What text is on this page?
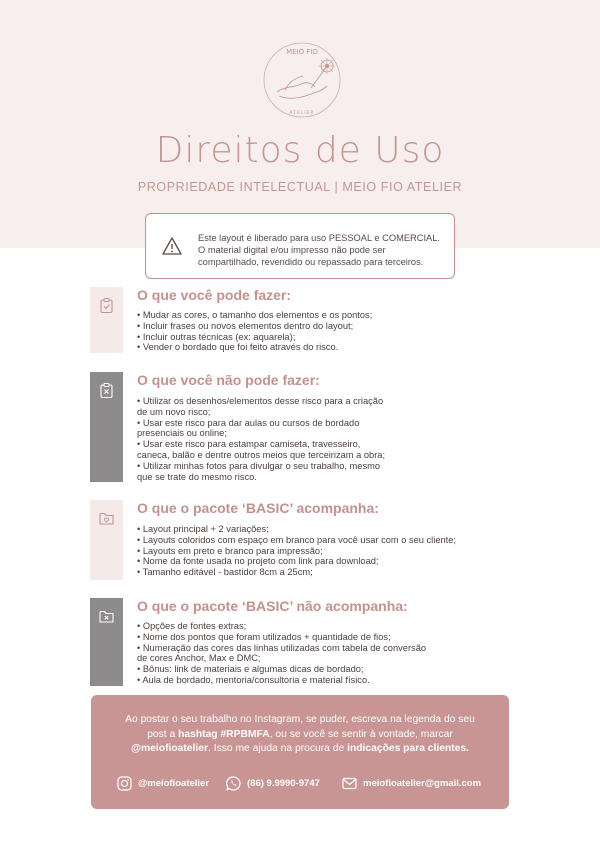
MEIO FIO
ATELIER
Direitos de Uso
PROPRIEDADE INTELECTUAL | MEIO FIO ATELIER
Este layout é liberado para uso PESSOAL e COMERCIAL.
O material digital e/ou impresso não pode ser
compartilhado, revendido ou repassado para terceiros.
O que você pode fazer:
• Mudar as cores, o tamanho dos elementos e os pontos;
• Incluir frases ou novos elementos dentro do layout;
• Incluir outras técnicas (ex: aquarela);
• Vender o bordado que foi feito através do risco.
O que você não pode fazer:
• Utilizar os desenhos/elementos desse risco para a criação
de um novo risco;
• Usar este risco para dar aulas ou cursos de bordado
presenciais ou online;
• Usar este risco para estampar camiseta, travesseiro,
caneca, balão e dentre outros meios que terceirizam a obra;
• Utilizar minhas fotos para divulgar o seu trabalho, mesmo
que se trate do mesmo risco.
O que o pacote ‘BASIC’ acompanha:
• Layout principal + 2 variações;
• Layouts coloridos com espaço em branco para você usar com o seu cliente;
• Layouts em preto e branco para impressão;
• Nome da fonte usada no projeto com link para download;
• Tamanho editável - bastidor 8cm a 25cm;
O que o pacote ‘BASIC’ não acompanha:
• Opções de fontes extras;
• Nome dos pontos que foram utilizados + quantidade de fios;
• Numeração das cores das linhas utilizadas com tabela de conversão
de cores Anchor, Max e DMC;
• Bônus: link de materiais e algumas dicas de bordado;
• Aula de bordado, mentoria/consultoria e material físico.
Ao postar o seu trabalho no Instagram, se puder, escreva na legenda do seu
post a hashtag #RPBMFA, ou se você se sentir à vontade, marcar
@meiofioatelier. Isso me ajuda na procura de indicações para clientes.
@meiofioatelier	(86) 9.9990-9747	meiofioatelier@gmail.com
